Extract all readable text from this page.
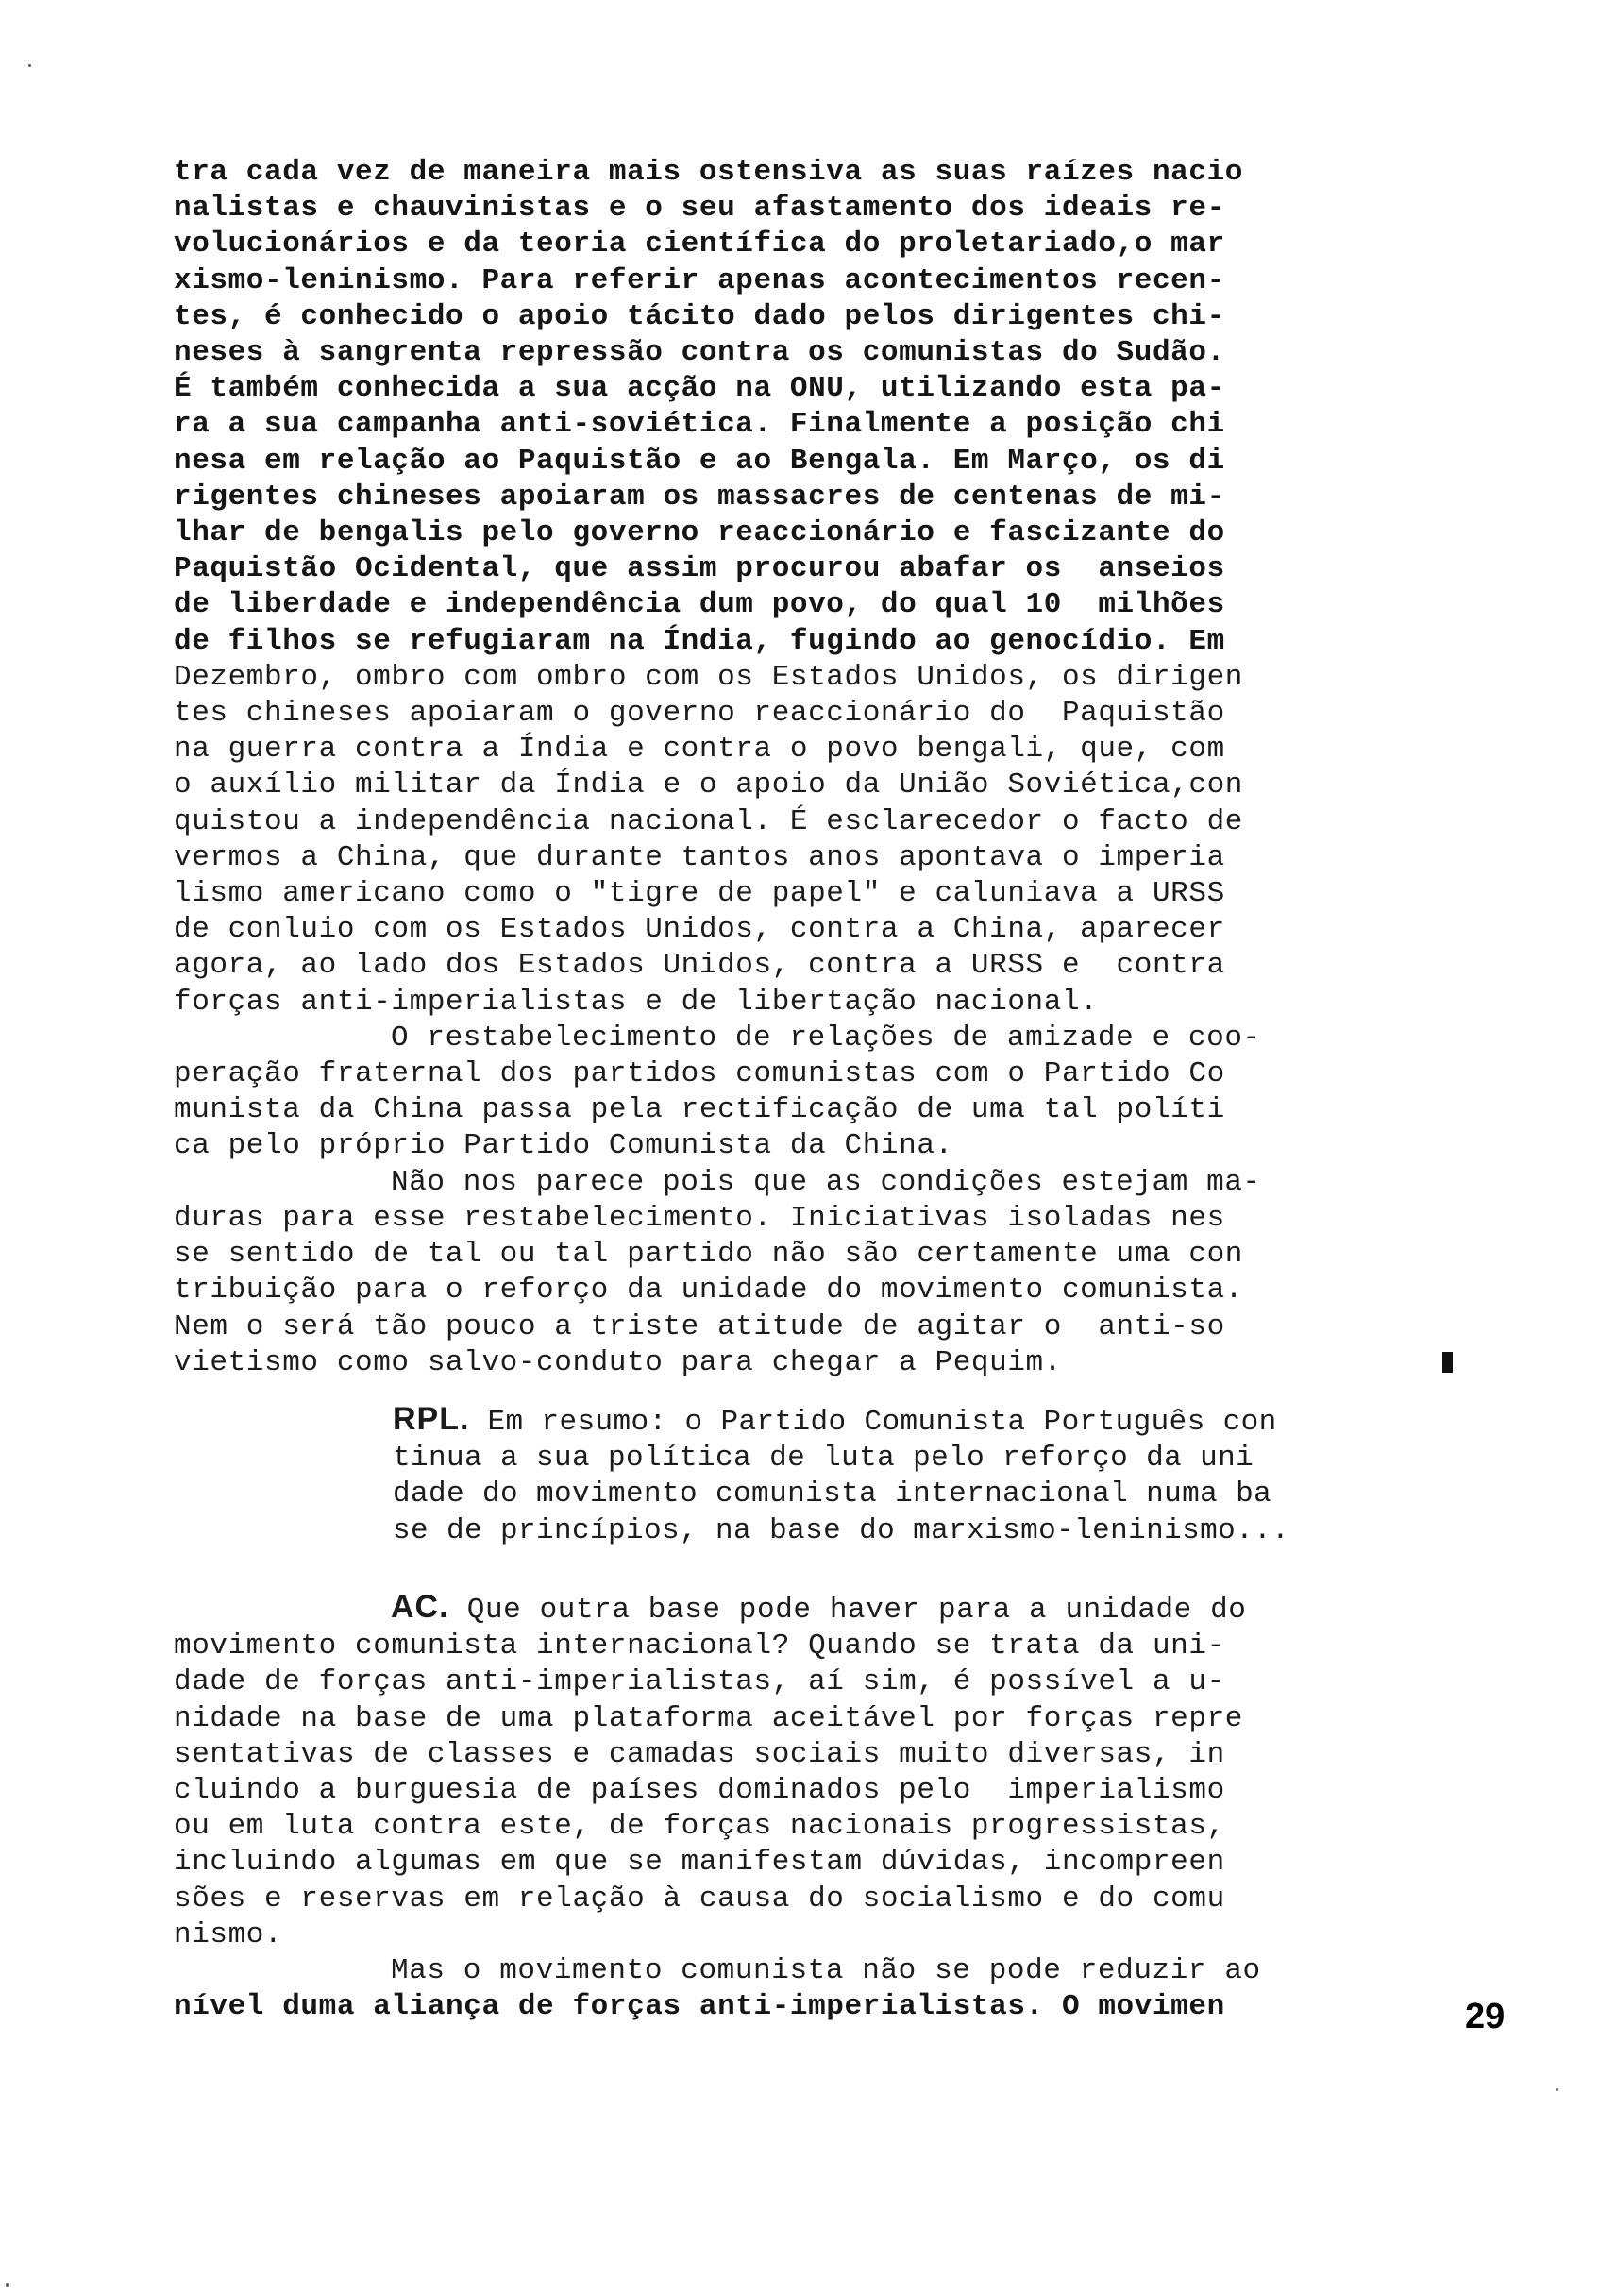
tra cada vez de maneira mais ostensiva as suas raízes nacio
nalistas e chauvinistas e o seu afastamento dos ideais re-
volucionários e da teoria científica do proletariado,o mar
xismo-leninismo. Para referir apenas acontecimentos recen-
tes, é conhecido o apoio tácito dado pelos dirigentes chi-
neses à sangrenta repressão contra os comunistas do Sudão.
É também conhecida a sua acção na ONU, utilizando esta pa-
ra a sua campanha anti-soviética. Finalmente a posição chi
nesa em relação ao Paquistão e ao Bengala. Em Março, os di
rigentes chineses apoiaram os massacres de centenas de mi-
lhar de bengalis pelo governo reaccionário e fascizante do
Paquistão Ocidental, que assim procurou abafar os  anseios
de liberdade e independência dum povo, do qual 10  milhões
de filhos se refugiaram na Índia, fugindo ao genocídio. Em
Dezembro, ombro com ombro com os Estados Unidos, os dirigen
tes chineses apoiaram o governo reaccionário do  Paquistão
na guerra contra a Índia e contra o povo bengali, que, com
o auxílio militar da Índia e o apoio da União Soviética,con
quistou a independência nacional. É esclarecedor o facto de
vermos a China, que durante tantos anos apontava o imperia
lismo americano como o "tigre de papel" e caluniava a URSS
de conluio com os Estados Unidos, contra a China, aparecer
agora, ao lado dos Estados Unidos, contra a URSS e  contra
forças anti-imperialistas e de libertação nacional.
O restabelecimento de relações de amizade e coo-
peração fraternal dos partidos comunistas com o Partido Co
munista da China passa pela rectificação de uma tal políti
ca pelo próprio Partido Comunista da China.
Não nos parece pois que as condições estejam ma-
duras para esse restabelecimento. Iniciativas isoladas nes
se sentido de tal ou tal partido não são certamente uma con
tribuição para o reforço da unidade do movimento comunista.
Nem o será tão pouco a triste atitude de agitar o  anti-so
vietismo como salvo-conduto para chegar a Pequim.
RPL. Em resumo: o Partido Comunista Português con
tinua a sua política de luta pelo reforço da uni
dade do movimento comunista internacional numa ba
se de princípios, na base do marxismo-leninismo...
AC. Que outra base pode haver para a unidade do
movimento comunista internacional? Quando se trata da uni-
dade de forças anti-imperialistas, aí sim, é possível a u-
nidade na base de uma plataforma aceitável por forças repre
sentativas de classes e camadas sociais muito diversas, in
cluindo a burguesia de países dominados pelo  imperialismo
ou em luta contra este, de forças nacionais progressistas,
incluindo algumas em que se manifestam dúvidas, incompreen
sões e reservas em relação à causa do socialismo e do comu
nismo.
Mas o movimento comunista não se pode reduzir ao
nível duma aliança de forças anti-imperialistas. O movimen	29
